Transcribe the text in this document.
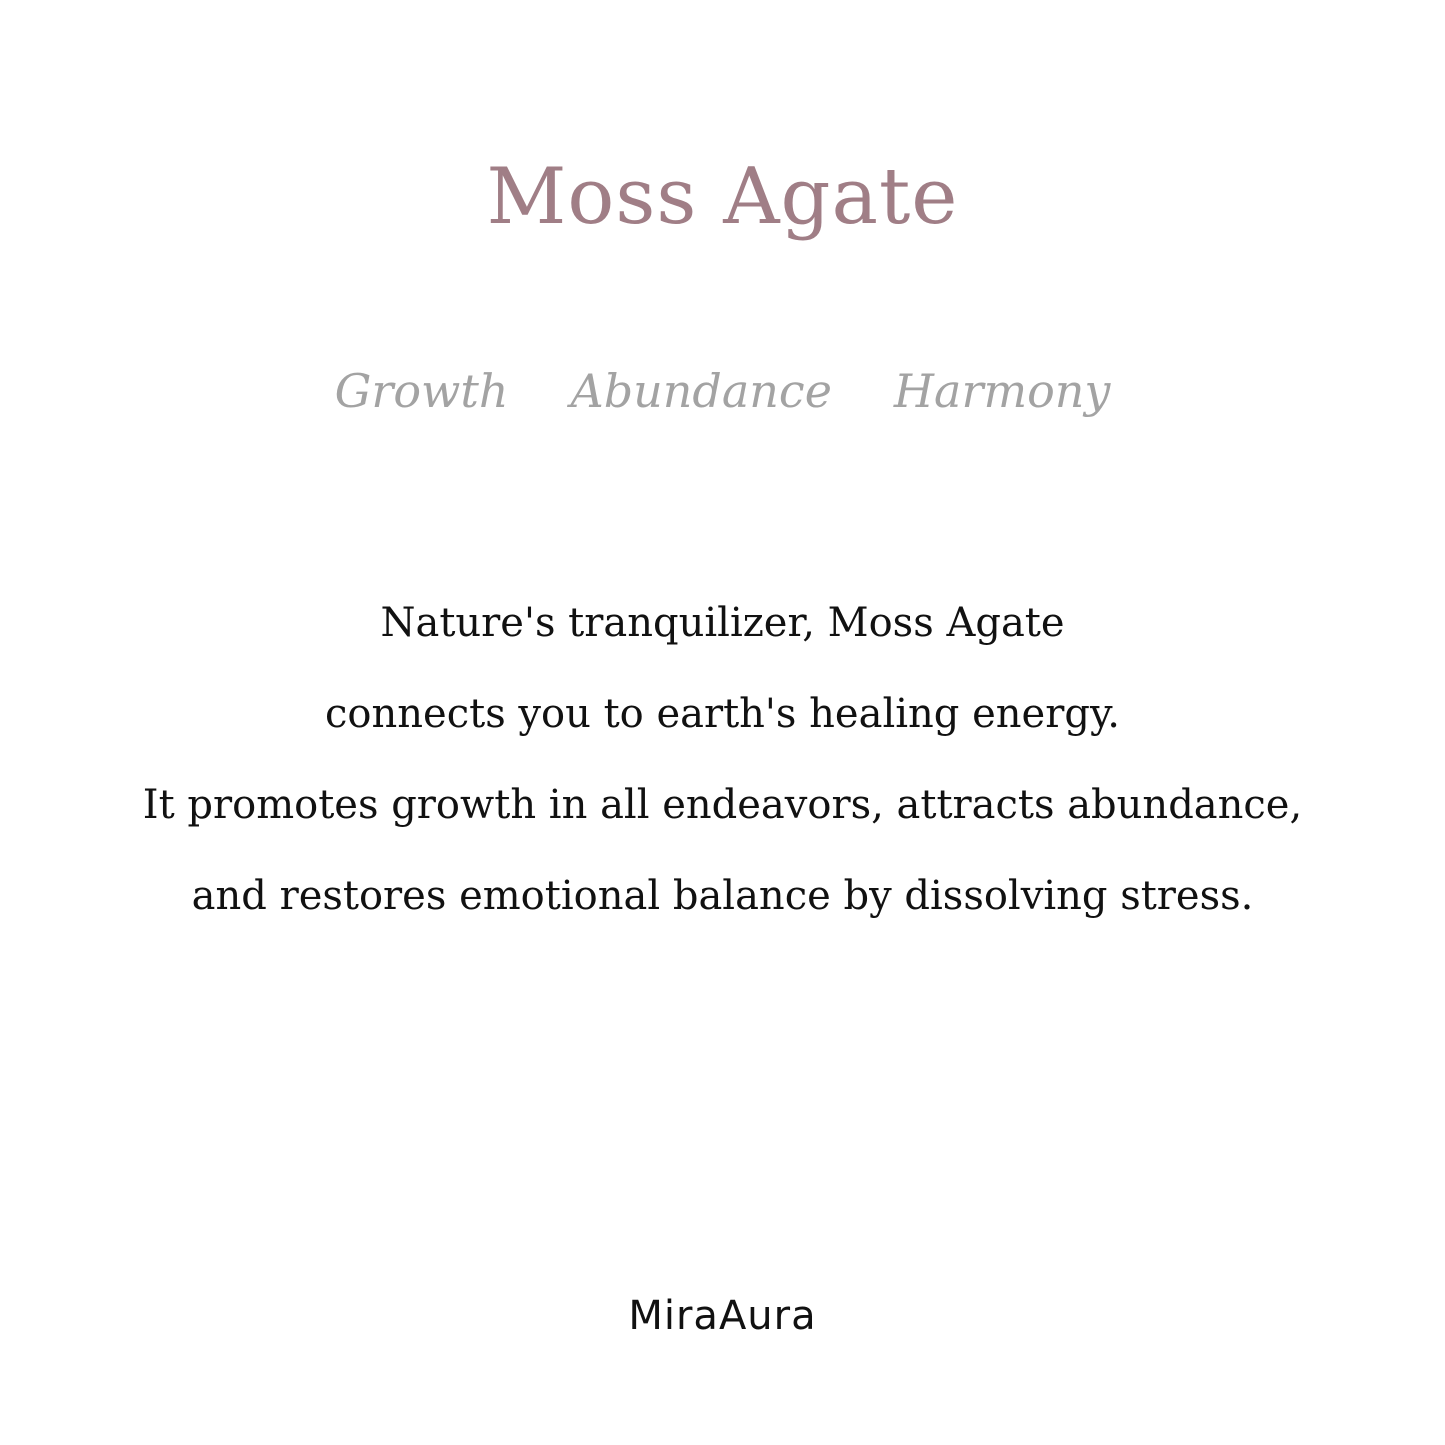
Moss Agate
Growth Abundance Harmony
Nature's tranquilizer, Moss Agate
connects you to earth's healing energy.
It promotes growth in all endeavors, attracts abundance,
and restores emotional balance by dissolving stress.
MiraAura
